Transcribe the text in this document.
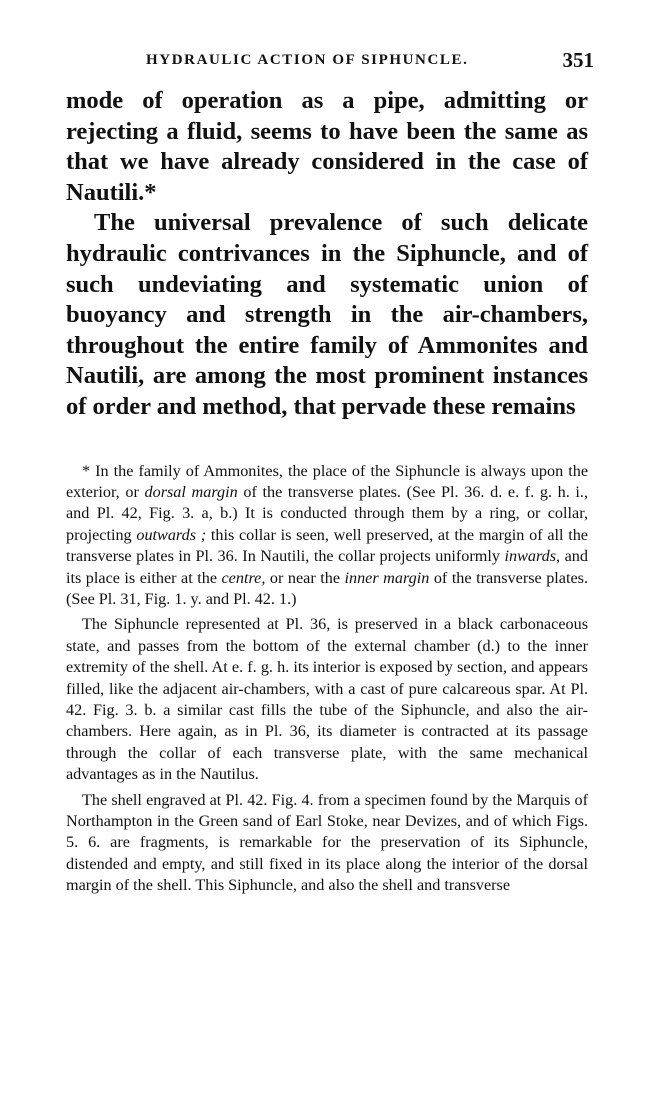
HYDRAULIC ACTION OF SIPHUNCLE.	351

mode of operation as a pipe, admitting or rejecting a fluid, seems to have been the same as that we have already considered in the case of Nautili.*

The universal prevalence of such delicate hydraulic contrivances in the Siphuncle, and of such undeviating and systematic union of buoyancy and strength in the air-chambers, throughout the entire family of Ammonites and Nautili, are among the most prominent instances of order and method, that pervade these remains

* In the family of Ammonites, the place of the Siphuncle is always upon the exterior, or dorsal margin of the transverse plates. (See Pl. 36. d. e. f. g. h. i., and Pl. 42, Fig. 3. a, b.) It is conducted through them by a ring, or collar, projecting outwards ; this collar is seen, well preserved, at the margin of all the transverse plates in Pl. 36. In Nautili, the collar projects uniformly inwards, and its place is either at the centre, or near the inner margin of the transverse plates. (See Pl. 31, Fig. 1. y. and Pl. 42. 1.)

The Siphuncle represented at Pl. 36, is preserved in a black carbonaceous state, and passes from the bottom of the external chamber (d.) to the inner extremity of the shell. At e. f. g. h. its interior is exposed by section, and appears filled, like the adjacent air-chambers, with a cast of pure calcareous spar. At Pl. 42. Fig. 3. b. a similar cast fills the tube of the Siphuncle, and also the air-chambers. Here again, as in Pl. 36, its diameter is contracted at its passage through the collar of each transverse plate, with the same mechanical advantages as in the Nautilus.

The shell engraved at Pl. 42. Fig. 4. from a specimen found by the Marquis of Northampton in the Green sand of Earl Stoke, near Devizes, and of which Figs. 5. 6. are fragments, is remarkable for the preservation of its Siphuncle, distended and empty, and still fixed in its place along the interior of the dorsal margin of the shell. This Siphuncle, and also the shell and transverse
